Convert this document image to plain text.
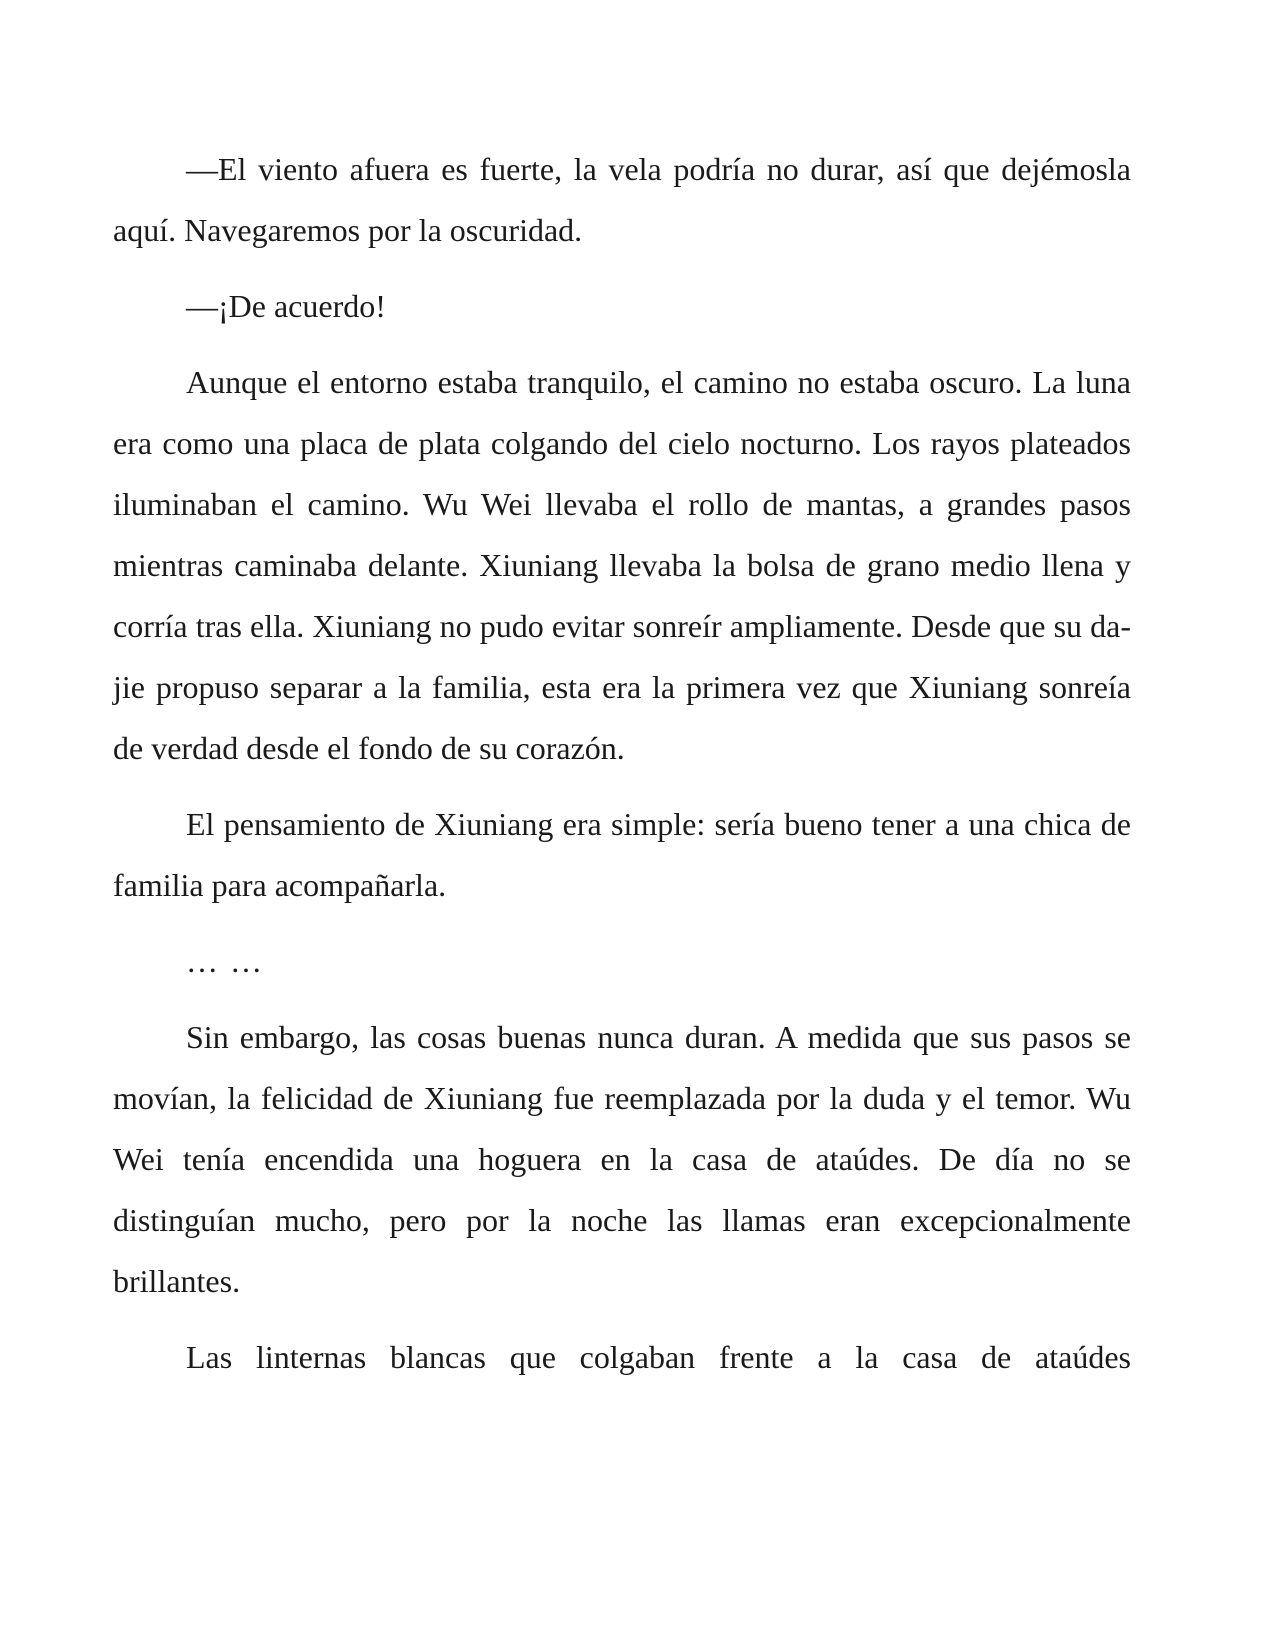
—El viento afuera es fuerte, la vela podría no durar, así que dejémosla aquí. Navegaremos por la oscuridad.

—¡De acuerdo!

Aunque el entorno estaba tranquilo, el camino no estaba oscuro. La luna era como una placa de plata colgando del cielo nocturno. Los rayos plateados iluminaban el camino. Wu Wei llevaba el rollo de mantas, a grandes pasos mientras caminaba delante. Xiuniang llevaba la bolsa de grano medio llena y corría tras ella. Xiuniang no pudo evitar sonreír ampliamente. Desde que su da-jie propuso separar a la familia, esta era la primera vez que Xiuniang sonreía de verdad desde el fondo de su corazón.

El pensamiento de Xiuniang era simple: sería bueno tener a una chica de familia para acompañarla.

… …

Sin embargo, las cosas buenas nunca duran. A medida que sus pasos se movían, la felicidad de Xiuniang fue reemplazada por la duda y el temor. Wu Wei tenía encendida una hoguera en la casa de ataúdes. De día no se distinguían mucho, pero por la noche las llamas eran excepcionalmente brillantes.

Las linternas blancas que colgaban frente a la casa de ataúdes
